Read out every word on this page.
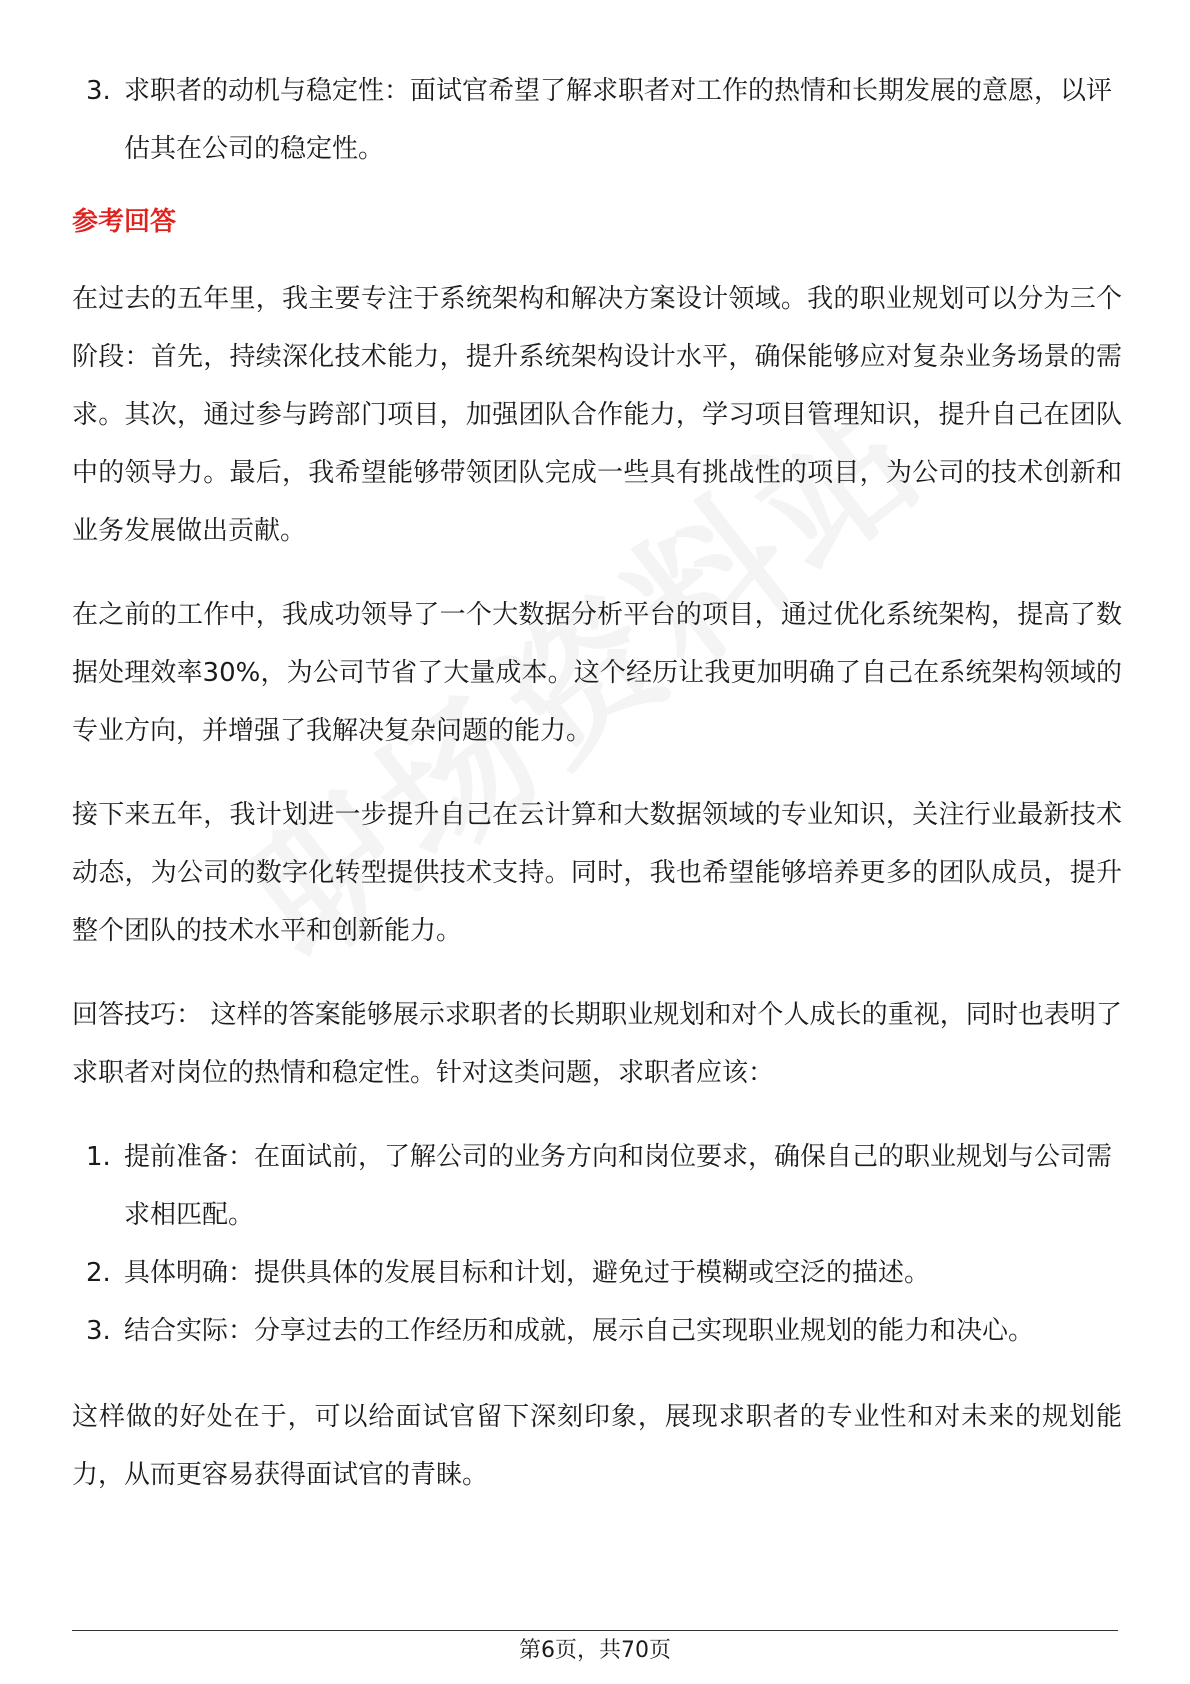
3. 求职者的动机与稳定性：面试官希望了解求职者对工作的热情和长期发展的意愿，以评估其在公司的稳定性。
参考回答

在过去的五年里，我主要专注于系统架构和解决方案设计领域。我的职业规划可以分为三个阶段：首先，持续深化技术能力，提升系统架构设计水平，确保能够应对复杂业务场景的需求。其次，通过参与跨部门项目，加强团队合作能力，学习项目管理知识，提升自己在团队中的领导力。最后，我希望能够带领团队完成一些具有挑战性的项目，为公司的技术创新和业务发展做出贡献。

在之前的工作中，我成功领导了一个大数据分析平台的项目，通过优化系统架构，提高了数据处理效率30%，为公司节省了大量成本。这个经历让我更加明确了自己在系统架构领域的专业方向，并增强了我解决复杂问题的能力。

接下来五年，我计划进一步提升自己在云计算和大数据领域的专业知识，关注行业最新技术动态，为公司的数字化转型提供技术支持。同时，我也希望能够培养更多的团队成员，提升整个团队的技术水平和创新能力。

回答技巧： 这样的答案能够展示求职者的长期职业规划和对个人成长的重视，同时也表明了求职者对岗位的热情和稳定性。针对这类问题，求职者应该：

1. 提前准备：在面试前，了解公司的业务方向和岗位要求，确保自己的职业规划与公司需求相匹配。
2. 具体明确：提供具体的发展目标和计划，避免过于模糊或空泛的描述。
3. 结合实际：分享过去的工作经历和成就，展示自己实现职业规划的能力和决心。

这样做的好处在于，可以给面试官留下深刻印象，展现求职者的专业性和对未来的规划能力，从而更容易获得面试官的青睐。

第6页，共70页
